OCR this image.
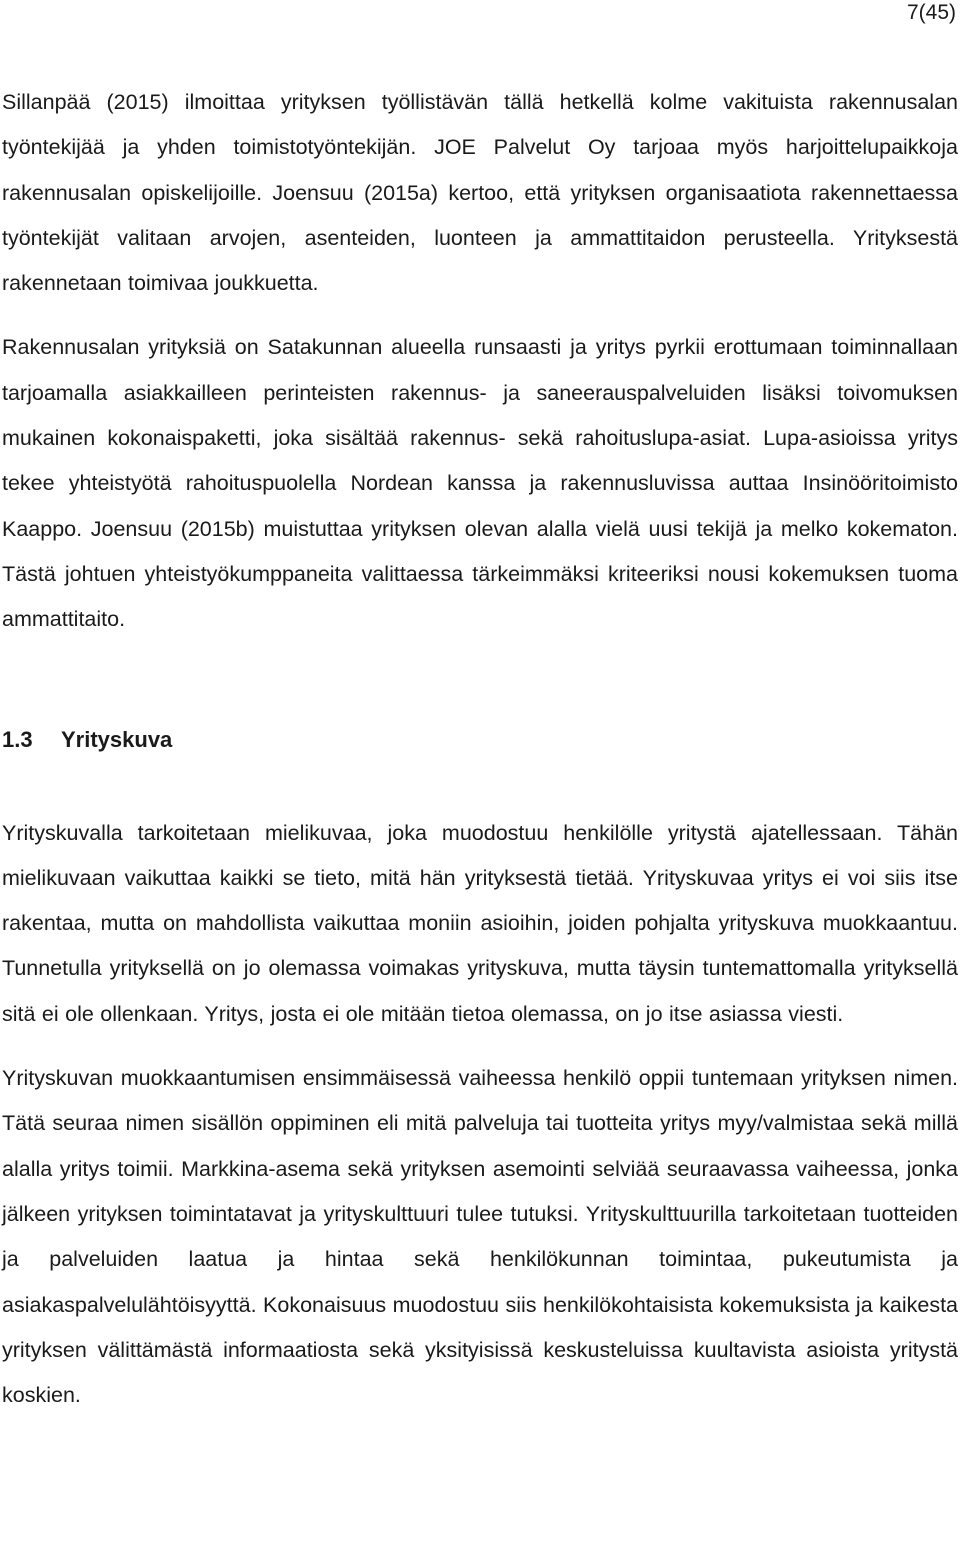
7(45)

Sillanpää (2015) ilmoittaa yrityksen työllistävän tällä hetkellä kolme vakituista rakennusalan työntekijää ja yhden toimistotyöntekijän. JOE Palvelut Oy tarjoaa myös harjoittelupaikkoja rakennusalan opiskelijoille. Joensuu (2015a) kertoo, että yrityksen organisaatiota rakennettaessa työntekijät valitaan arvojen, asenteiden, luonteen ja ammattitaidon perusteella. Yrityksestä rakennetaan toimivaa joukkuetta.

Rakennusalan yrityksiä on Satakunnan alueella runsaasti ja yritys pyrkii erottumaan toiminnallaan tarjoamalla asiakkailleen perinteisten rakennus- ja saneerauspalveluiden lisäksi toivomuksen mukainen kokonaispaketti, joka sisältää rakennus- sekä rahoituslupa-asiat. Lupa-asioissa yritys tekee yhteistyötä rahoituspuolella Nordean kanssa ja rakennusluvissa auttaa Insinööritoimisto Kaappo. Joensuu (2015b) muistuttaa yrityksen olevan alalla vielä uusi tekijä ja melko kokematon. Tästä johtuen yhteistyökumppaneita valittaessa tärkeimmäksi kriteeriksi nousi kokemuksen tuoma ammattitaito.

1.3 Yrityskuva

Yrityskuvalla tarkoitetaan mielikuvaa, joka muodostuu henkilölle yritystä ajatellessaan. Tähän mielikuvaan vaikuttaa kaikki se tieto, mitä hän yrityksestä tietää. Yrityskuvaa yritys ei voi siis itse rakentaa, mutta on mahdollista vaikuttaa moniin asioihin, joiden pohjalta yrityskuva muokkaantuu. Tunnetulla yrityksellä on jo olemassa voimakas yrityskuva, mutta täysin tuntemattomalla yrityksellä sitä ei ole ollenkaan. Yritys, josta ei ole mitään tietoa olemassa, on jo itse asiassa viesti.

Yrityskuvan muokkaantumisen ensimmäisessä vaiheessa henkilö oppii tuntemaan yrityksen nimen. Tätä seuraa nimen sisällön oppiminen eli mitä palveluja tai tuotteita yritys myy/valmistaa sekä millä alalla yritys toimii. Markkina-asema sekä yrityksen asemointi selviää seuraavassa vaiheessa, jonka jälkeen yrityksen toimintatavat ja yrityskulttuuri tulee tutuksi. Yrityskulttuurilla tarkoitetaan tuotteiden ja palveluiden laatua ja hintaa sekä henkilökunnan toimintaa, pukeutumista ja asiakaspalvelulähtöisyyttä. Kokonaisuus muodostuu siis henkilökohtaisista kokemuksista ja kaikesta yrityksen välittämästä informaatiosta sekä yksityisissä keskusteluissa kuultavista asioista yritystä koskien.
